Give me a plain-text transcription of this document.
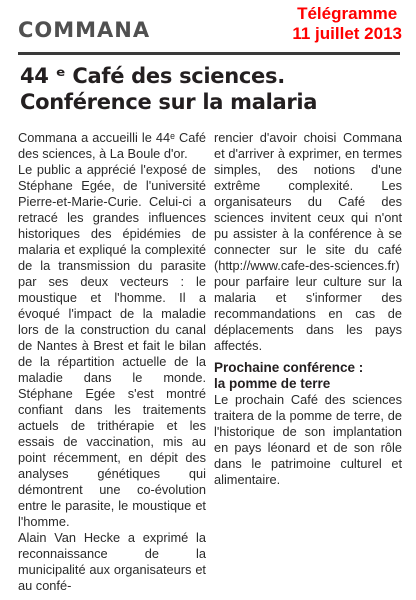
COMMANA
Télégramme
11 juillet 2013
44 ᵉ Café des sciences.
Conférence sur la malaria

Commana a accueilli le 44ᵉ Café des sciences, à La Boule d'or.

Le public a apprécié l'exposé de Stéphane Egée, de l'université Pierre-et-Marie-Curie. Celui-ci a retracé les grandes influences historiques des épidémies de malaria et expliqué la complexité de la transmission du parasite par ses deux vecteurs : le moustique et l'homme. Il a évoqué l'impact de la maladie lors de la construction du canal de Nantes à Brest et fait le bilan de la répartition actuelle de la maladie dans le monde. Stéphane Egée s'est montré confiant dans les traitements actuels de trithérapie et les essais de vaccination, mis au point récemment, en dépit des analyses génétiques qui démontrent une co-évolution entre le parasite, le moustique et l'homme.

Alain Van Hecke a exprimé la reconnaissance de la municipalité aux organisateurs et au confé-

rencier d'avoir choisi Commana et d'arriver à exprimer, en termes simples, des notions d'une extrême complexité. Les organisateurs du Café des sciences invitent ceux qui n'ont pu assister à la conférence à se connecter sur le site du café (http://www.cafe-des-sciences.fr) pour parfaire leur culture sur la malaria et s'informer des recommandations en cas de déplacements dans les pays affectés.

Prochaine conférence :
la pomme de terre

Le prochain Café des sciences traitera de la pomme de terre, de l'historique de son implantation en pays léonard et de son rôle dans le patrimoine culturel et alimentaire.
